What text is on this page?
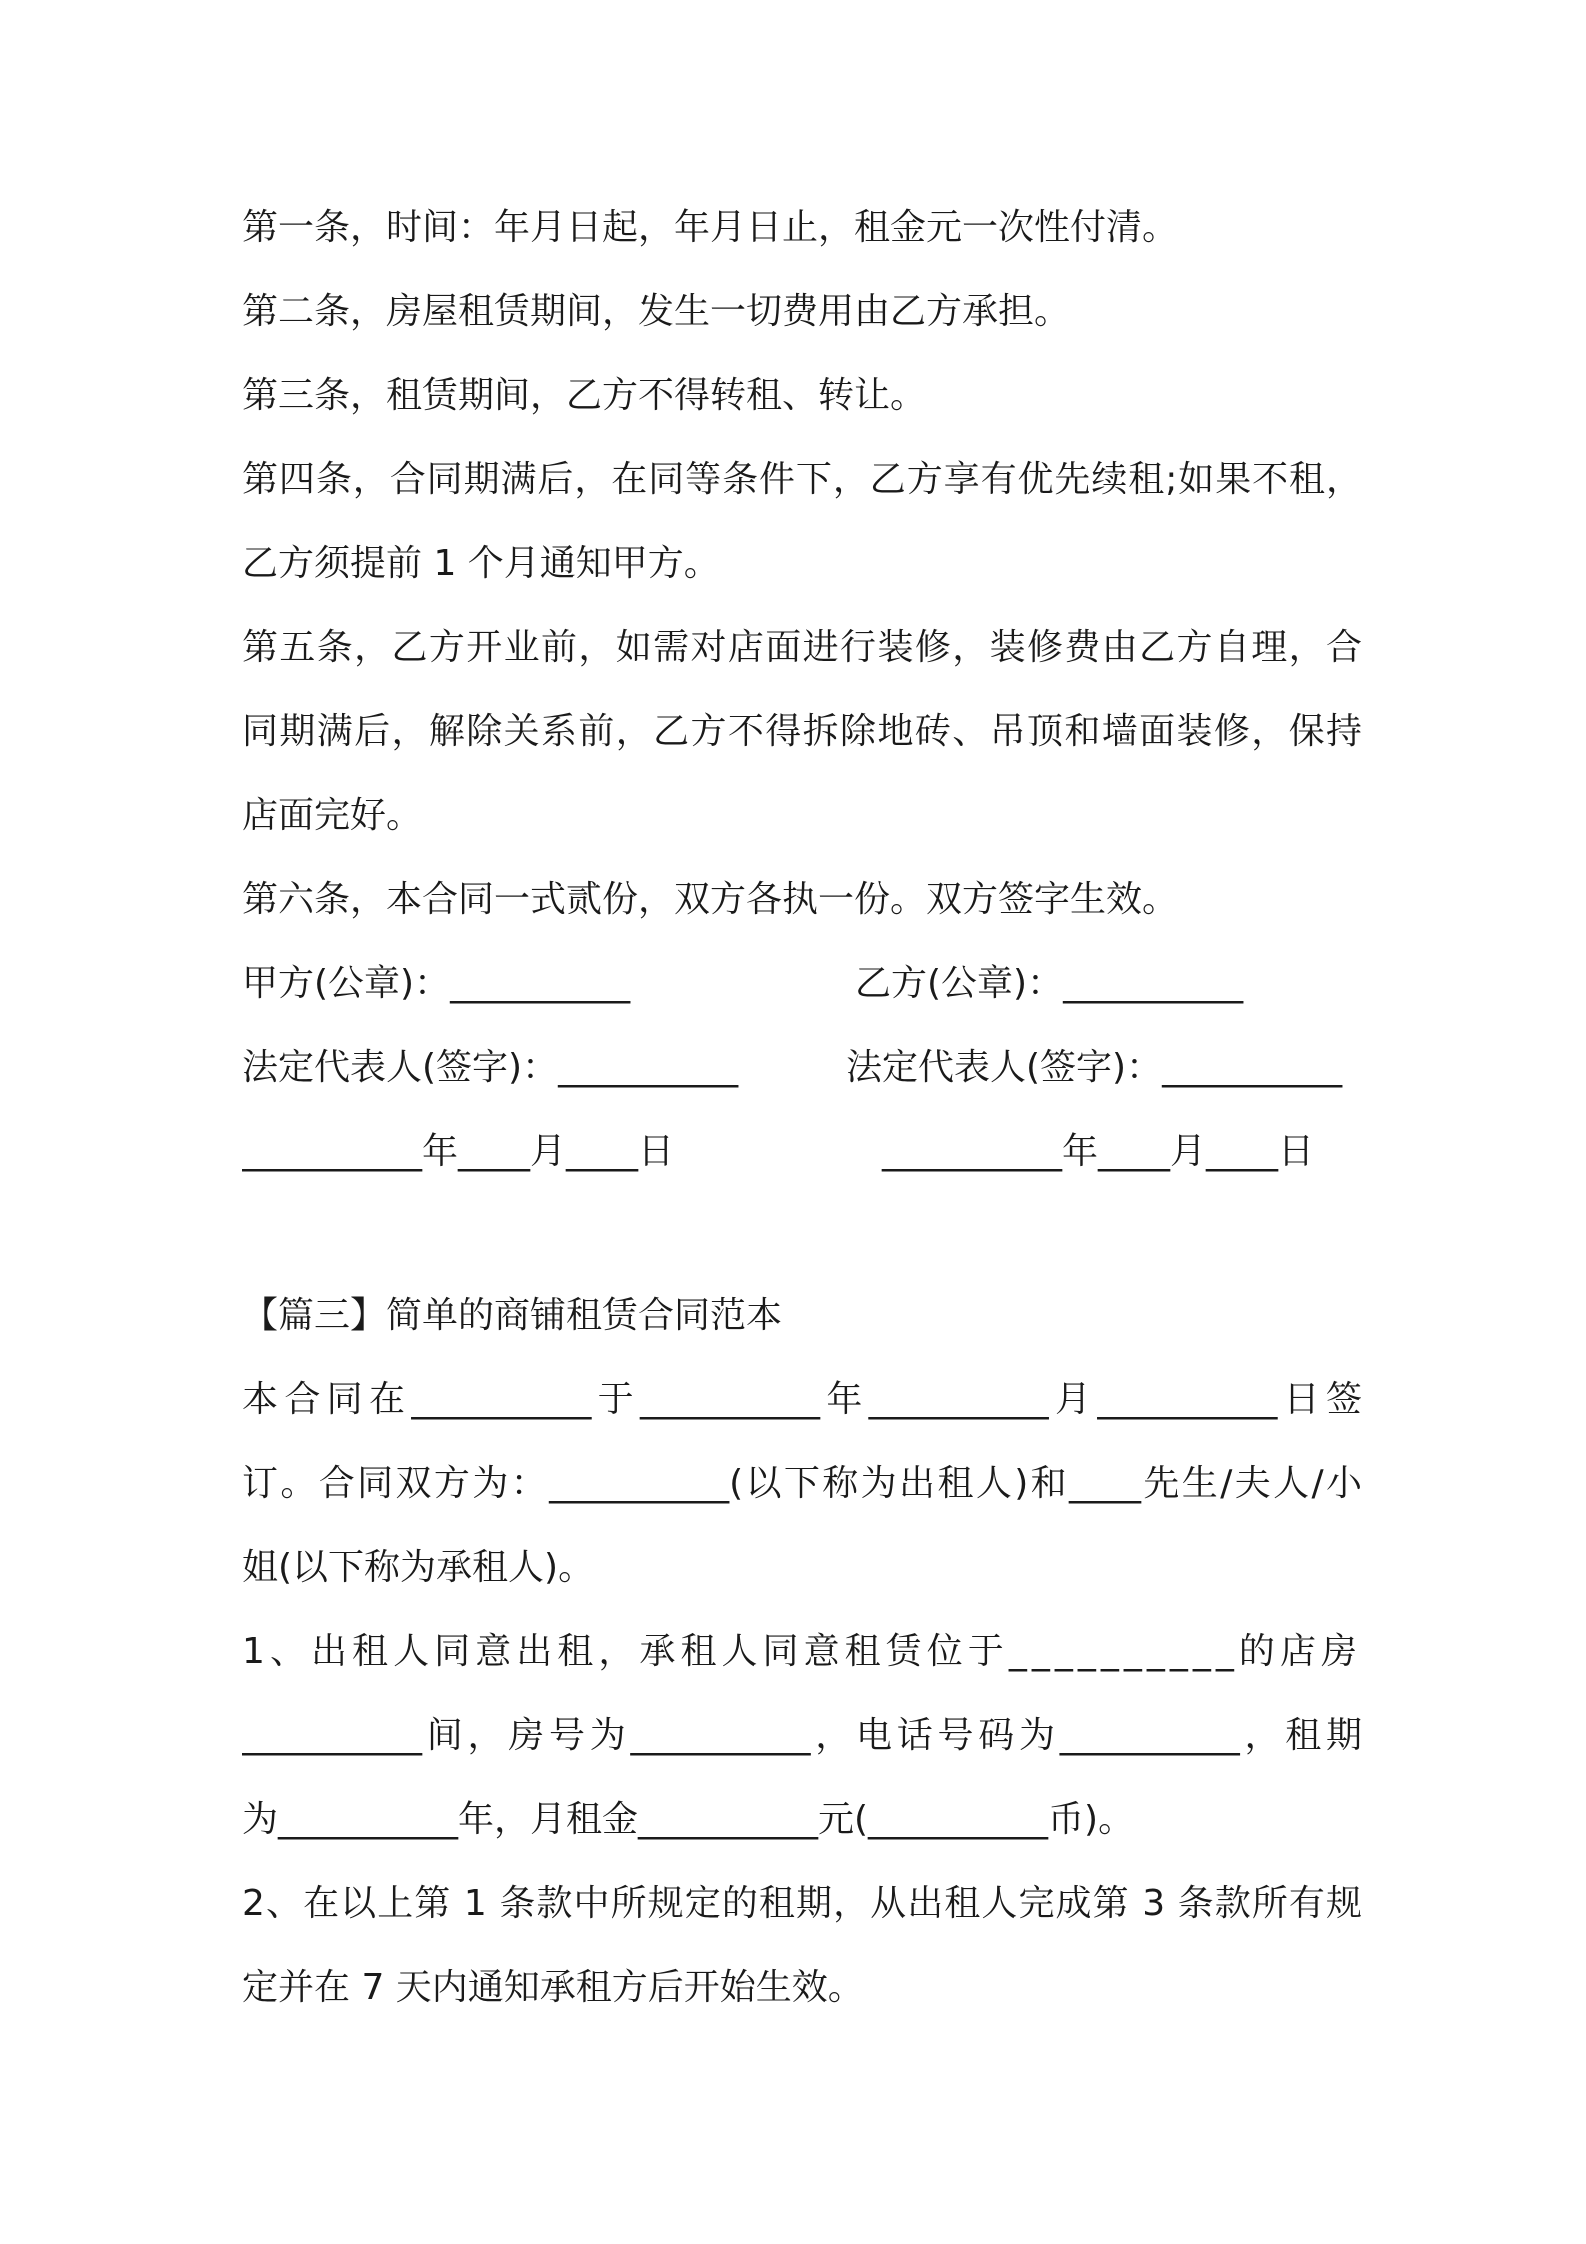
第一条，时间：年月日起，年月日止，租金元一次性付清。
第二条，房屋租赁期间，发生一切费用由乙方承担。
第三条，租赁期间，乙方不得转租、转让。
第四条，合同期满后，在同等条件下，乙方享有优先续租;如果不租，
乙方须提前 1 个月通知甲方。
第五条，乙方开业前，如需对店面进行装修，装修费由乙方自理，合
同期满后，解除关系前，乙方不得拆除地砖、吊顶和墙面装修，保持
店面完好。
第六条，本合同一式贰份，双方各执一份。双方签字生效。
甲方(公章)：__________	乙方(公章)：__________
法定代表人(签字)：__________	法定代表人(签字)：__________
__________年____月____日	__________年____月____日
【篇三】简单的商铺租赁合同范本
本合同在__________于__________年__________月__________日签
订。合同双方为：__________(以下称为出租人)和____先生/夫人/小
姐(以下称为承租人)。
1、出租人同意出租，承租人同意租赁位于__________的店房
__________间，房号为__________，电话号码为__________，租期
为__________年，月租金__________元(__________币)。
2、在以上第 1 条款中所规定的租期，从出租人完成第 3 条款所有规
定并在 7 天内通知承租方后开始生效。
